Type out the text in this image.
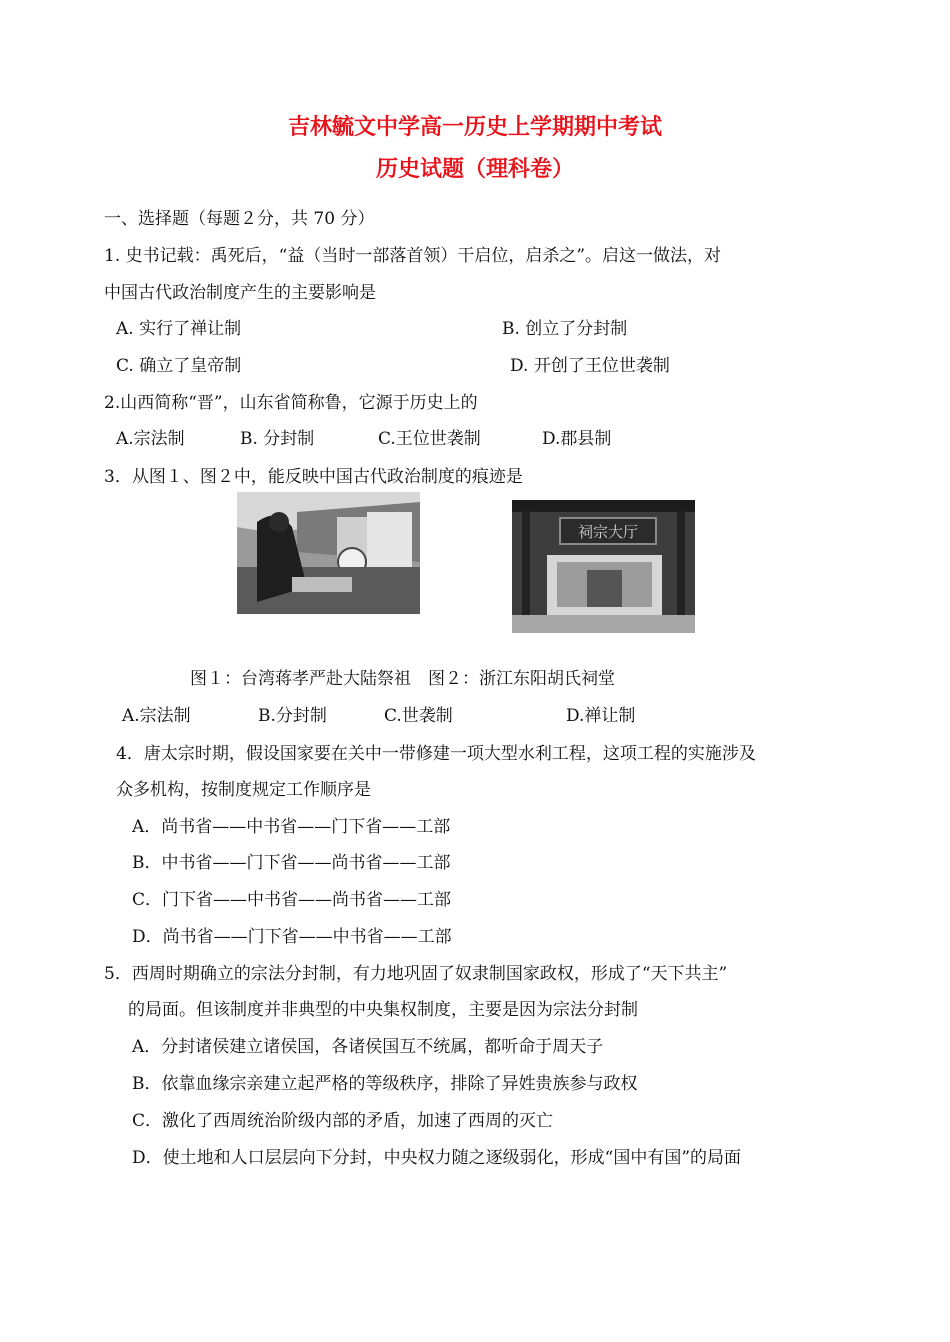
吉林毓文中学高一历史上学期期中考试
历史试题（理科卷）
一、选择题（每题２分，共 70 分）
1. 史书记载：禹死后，“益（当时一部落首领）干启位，启杀之”。启这一做法，对
中国古代政治制度产生的主要影响是
A. 实行了禅让制	B. 创立了分封制
C. 确立了皇帝制	D. 开创了王位世袭制
2.山西简称“晋”，山东省简称鲁，它源于历史上的
A.宗法制	B. 分封制	C.王位世袭制	D.郡县制
3．从图１、图２中，能反映中国古代政治制度的痕迹是
祠宗大厅
图１：台湾蒋孝严赴大陆祭祖　图２：浙江东阳胡氏祠堂
A.宗法制	B.分封制	C.世袭制	D.禅让制
4．唐太宗时期，假设国家要在关中一带修建一项大型水利工程，这项工程的实施涉及
众多机构，按制度规定工作顺序是
A．尚书省——中书省——门下省——工部
B．中书省——门下省——尚书省——工部
C．门下省——中书省——尚书省——工部
D．尚书省——门下省——中书省——工部
5．西周时期确立的宗法分封制，有力地巩固了奴隶制国家政权，形成了“天下共主”
的局面。但该制度并非典型的中央集权制度，主要是因为宗法分封制
A．分封诸侯建立诸侯国，各诸侯国互不统属，都听命于周天子
B．依靠血缘宗亲建立起严格的等级秩序，排除了异姓贵族参与政权
C．激化了西周统治阶级内部的矛盾，加速了西周的灭亡
D．使土地和人口层层向下分封，中央权力随之逐级弱化，形成“国中有国”的局面
